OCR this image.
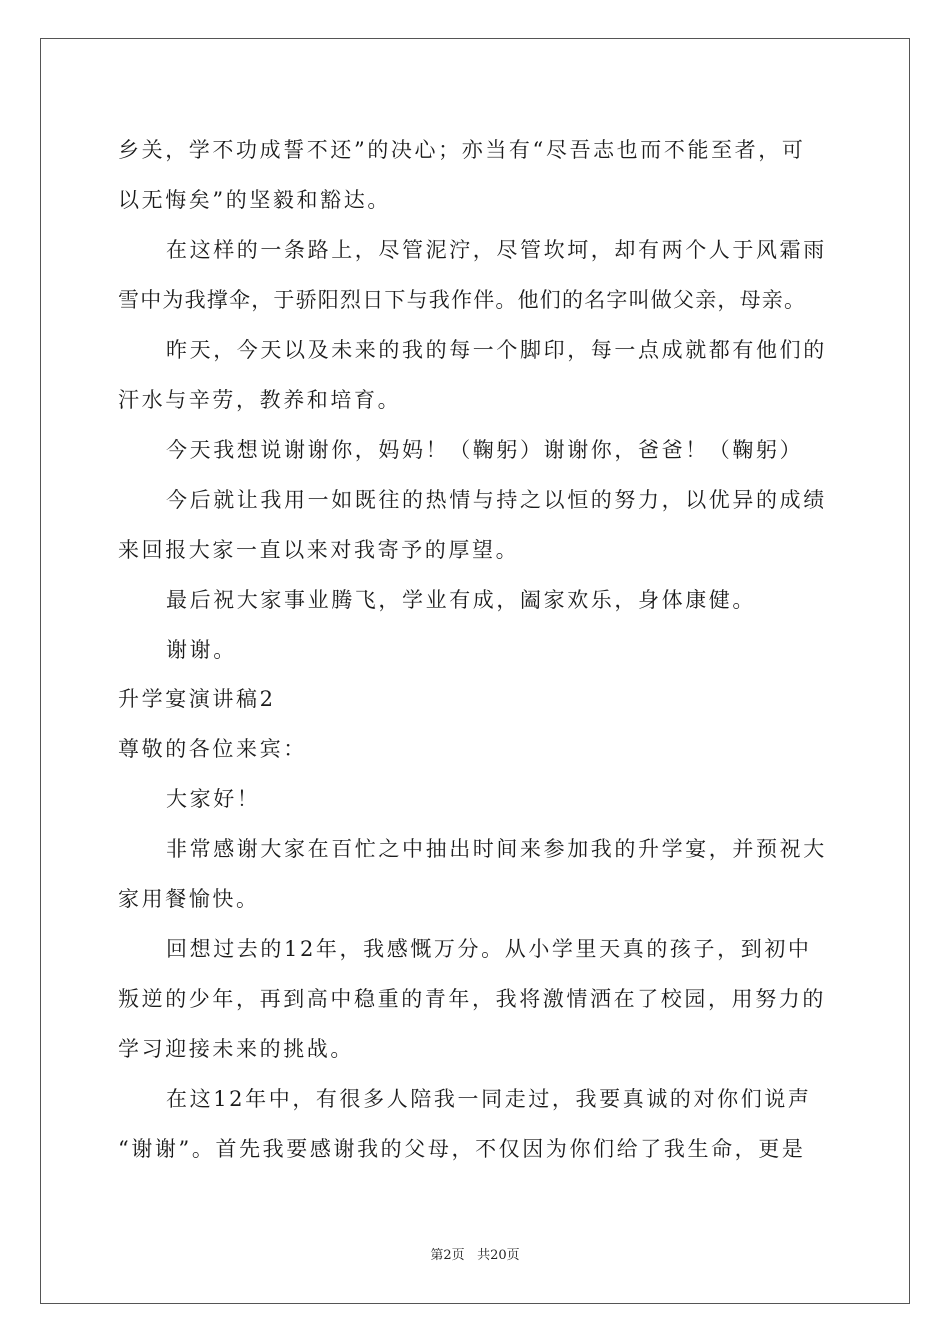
乡关，学不功成誓不还”的决心；亦当有“尽吾志也而不能至者，可
以无悔矣”的坚毅和豁达。
在这样的一条路上，尽管泥泞，尽管坎坷，却有两个人于风霜雨
雪中为我撑伞，于骄阳烈日下与我作伴。他们的名字叫做父亲，母亲。
昨天，今天以及未来的我的每一个脚印，每一点成就都有他们的
汗水与辛劳，教养和培育。
今天我想说谢谢你，妈妈！（鞠躬）谢谢你，爸爸！（鞠躬）
今后就让我用一如既往的热情与持之以恒的努力，以优异的成绩
来回报大家一直以来对我寄予的厚望。
最后祝大家事业腾飞，学业有成，阖家欢乐，身体康健。
谢谢。
升学宴演讲稿2
尊敬的各位来宾：
大家好！
非常感谢大家在百忙之中抽出时间来参加我的升学宴，并预祝大
家用餐愉快。
回想过去的12年，我感慨万分。从小学里天真的孩子，到初中
叛逆的少年，再到高中稳重的青年，我将激情洒在了校园，用努力的
学习迎接未来的挑战。
在这12年中，有很多人陪我一同走过，我要真诚的对你们说声
“谢谢”。首先我要感谢我的父母，不仅因为你们给了我生命，更是
第2页 共20页
